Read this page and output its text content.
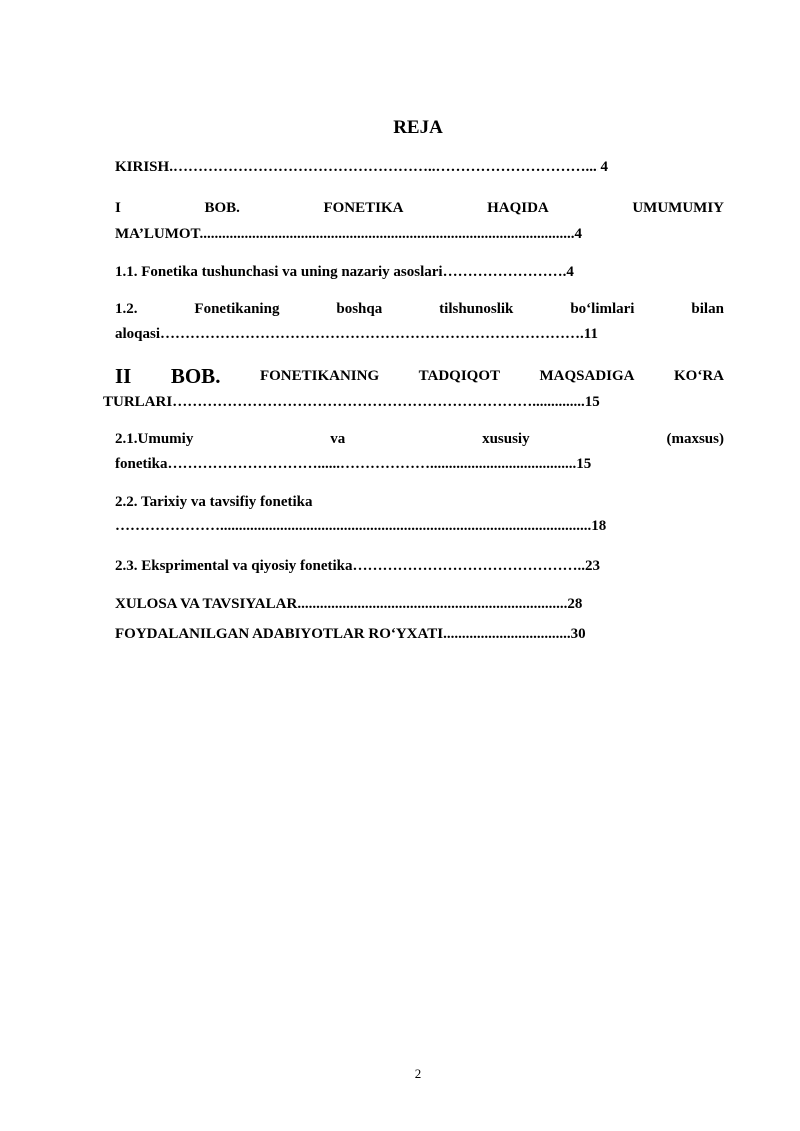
REJA
KIRISH.……………………………………………..…………………………... 4
I	BOB.	FONETIKA	HAQIDA	UMUMUMIY
MA’LUMOT....................................................................................................4
1.1. Fonetika tushunchasi va uning nazariy asoslari…………………….4
1.2.	Fonetikaning	boshqa	tilshunoslik	bo‘limlari	bilan
aloqasi………………………………………………………………………….11
II BOB.	FONETIKANING	TADQIQOT	MAQSADIGA	KO‘RA
TURLARI………………………………………………………………..............15
2.1.Umumiy	va	xususiy	(maxsus)
fonetika…………………………......……………….......................................15
2.2. Tarixiy va tavsifiy fonetika
…………………...................................................................................................18
2.3. Eksprimental va qiyosiy fonetika………………………………………..23
XULOSA VA TAVSIYALAR........................................................................28
FOYDALANILGAN ADABIYOTLAR RO‘YXATI..................................30
2
